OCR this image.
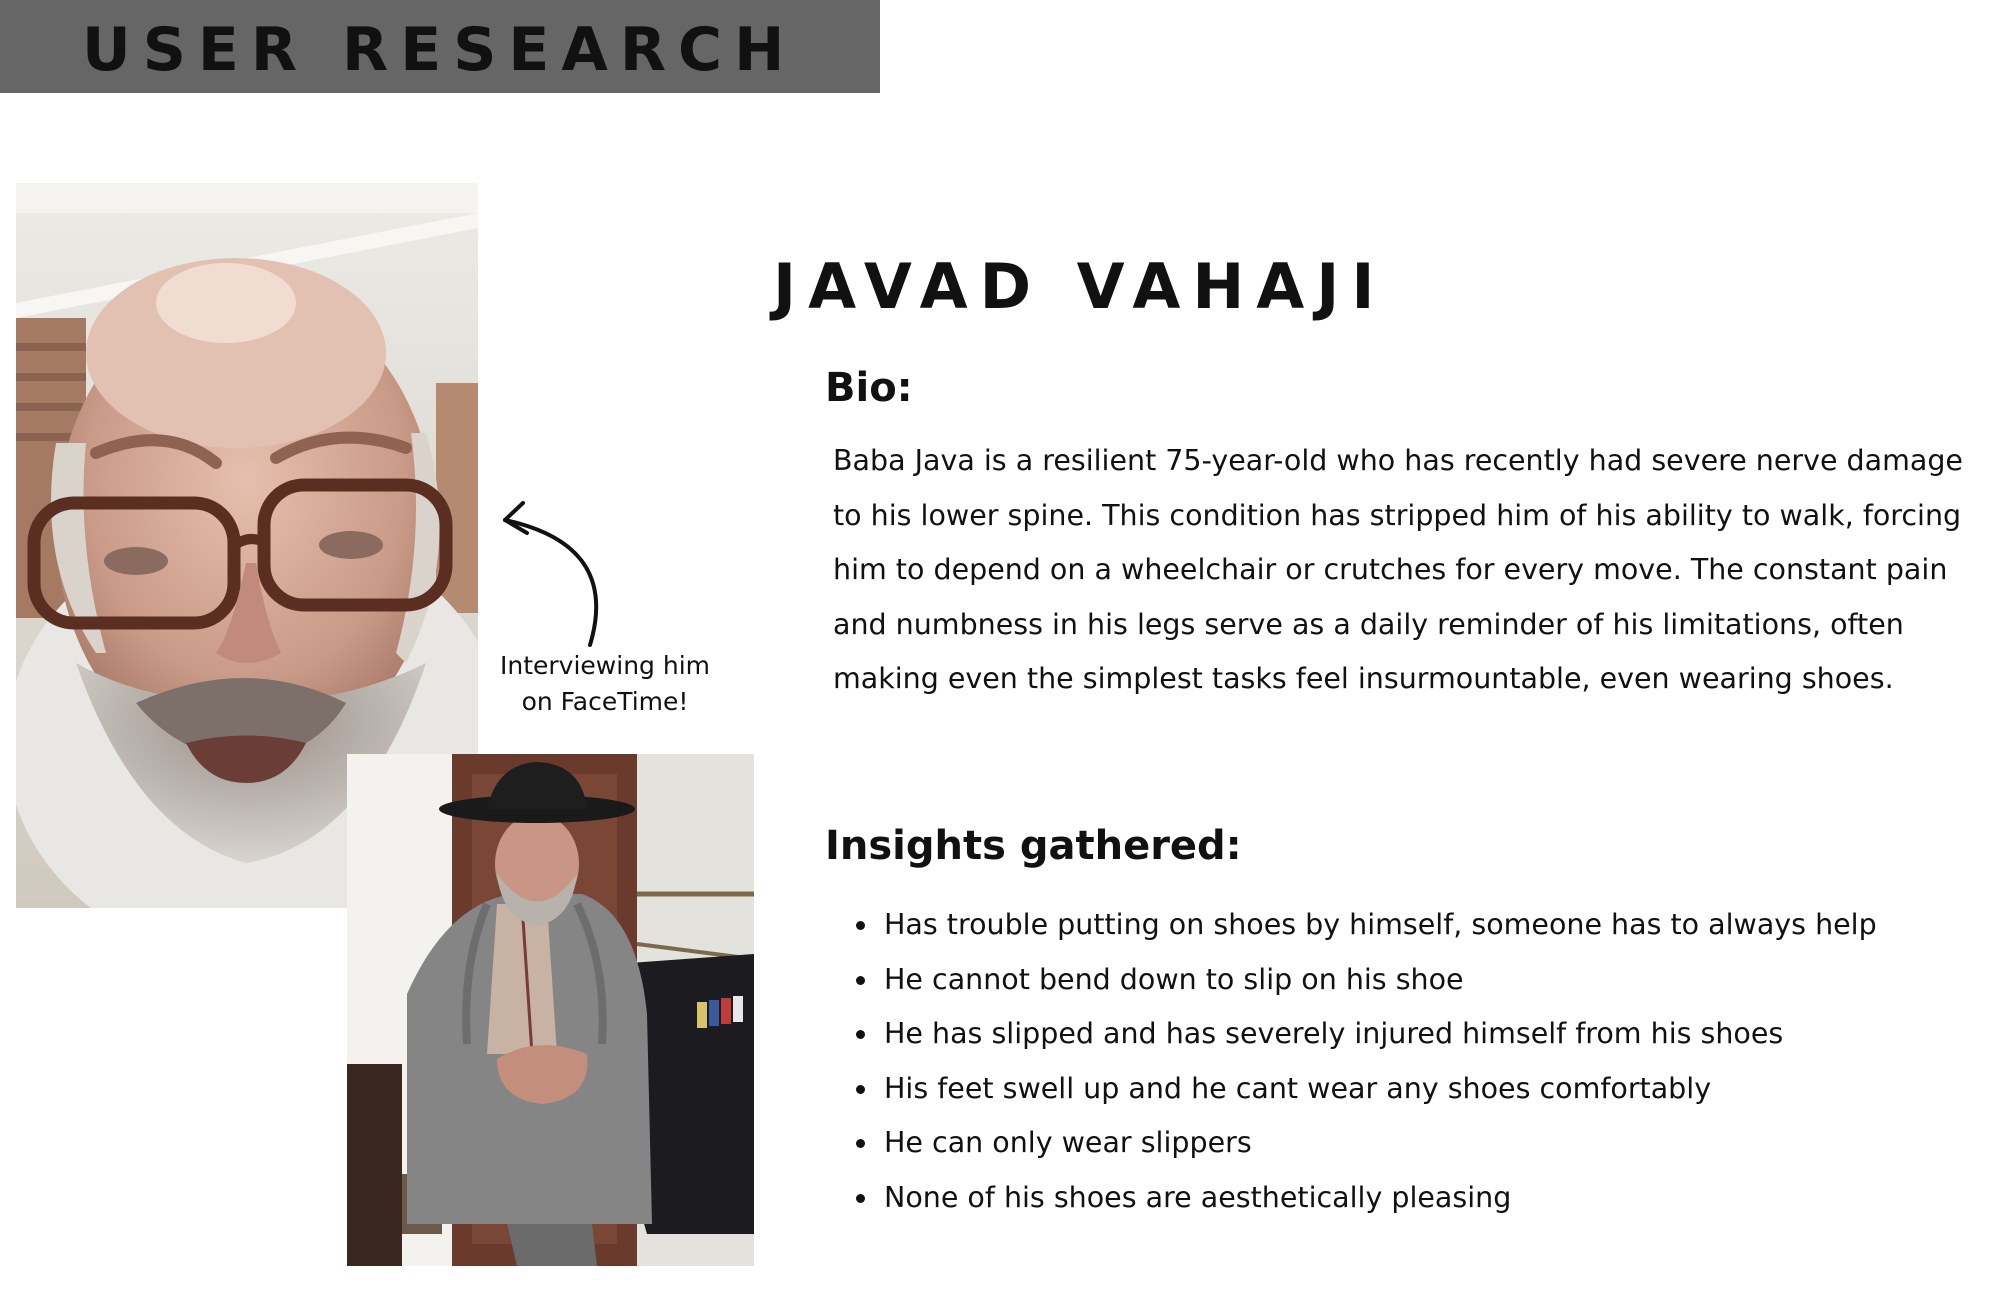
USER RESEARCH
Interviewing him
on FaceTime!
JAVAD VAHAJI
Bio:
Baba Java is a resilient 75-year-old who has recently had severe nerve damage to his lower spine. This condition has stripped him of his ability to walk, forcing him to depend on a wheelchair or crutches for every move. The constant pain and numbness in his legs serve as a daily reminder of his limitations, often making even the simplest tasks feel insurmountable, even wearing shoes.
Insights gathered:
• Has trouble putting on shoes by himself, someone has to always help
• He cannot bend down to slip on his shoe
• He has slipped and has severely injured himself from his shoes
• His feet swell up and he cant wear any shoes comfortably
• He can only wear slippers
• None of his shoes are aesthetically pleasing
